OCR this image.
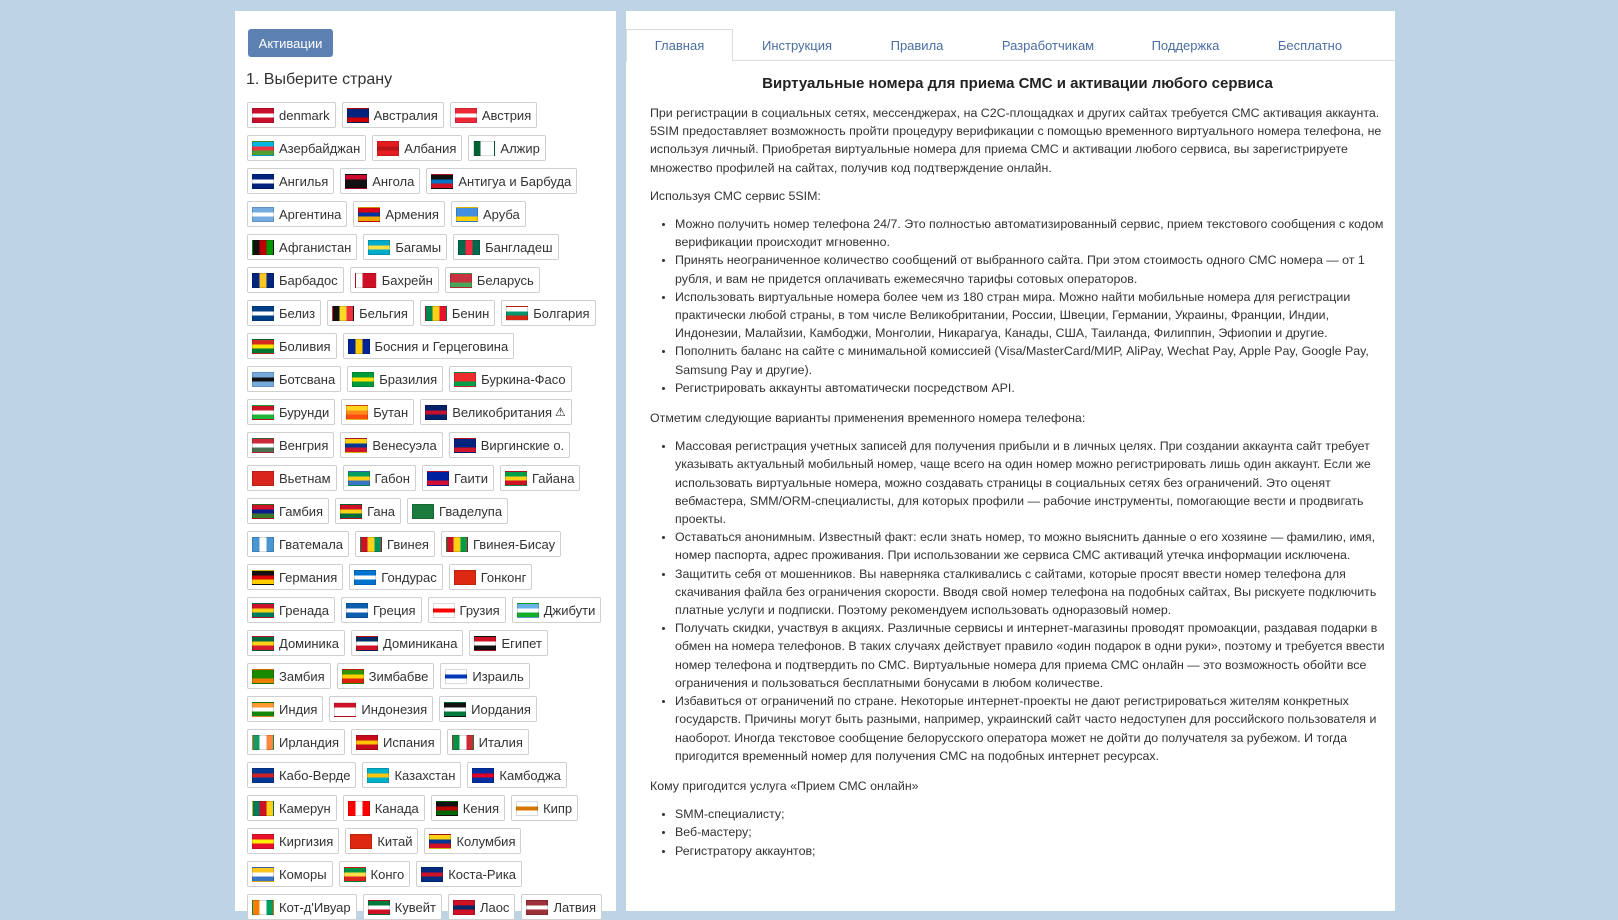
Активации
1. Выберите страну
denmark	Австралия	Австрия
Азербайджан	Албания	Алжир
Ангилья	Ангола	Антигуа и Барбуда
Аргентина	Армения	Аруба
Афганистан	Багамы	Бангладеш
Барбадос	Бахрейн	Беларусь
Белиз	Бельгия	Бенин	Болгария
Боливия	Босния и Герцеговина
Ботсвана	Бразилия	Буркина-Фасо
Бурунди	Бутан	Великобритания ⚠
Венгрия	Венесуэла	Виргинские о.
Вьетнам	Габон	Гаити	Гайана
Гамбия	Гана	Гваделупа
Гватемала	Гвинея	Гвинея-Бисау
Германия	Гондурас	Гонконг
Гренада	Греция	Грузия	Джибути
Доминика	Доминикана	Египет
Замбия	Зимбабве	Израиль
Индия	Индонезия	Иордания
Ирландия	Испания	Италия
Кабо-Верде	Казахстан	Камбоджа
Камерун	Канада	Кения	Кипр
Киргизия	Китай	Колумбия
Коморы	Конго	Коста-Рика
Кот-д'Ивуар	Кувейт	Лаос	Латвия
Главная	Инструкция	Правила	Разработчикам	Поддержка	Бесплатно
Виртуальные номера для приема СМС и активации любого сервиса

При регистрации в социальных сетях, мессенджерах, на C2C-площадках и других сайтах требуется СМС активация аккаунта. 5SIM предоставляет возможность пройти процедуру верификации с помощью временного виртуального номера телефона, не используя личный. Приобретая виртуальные номера для приема СМС и активации любого сервиса, вы зарегистрируете множество профилей на сайтах, получив код подтверждение онлайн.

Используя СМС сервис 5SIM:

• Можно получить номер телефона 24/7. Это полностью автоматизированный сервис, прием текстового сообщения с кодом верификации происходит мгновенно.
• Принять неограниченное количество сообщений от выбранного сайта. При этом стоимость одного СМС номера — от 1 рубля, и вам не придется оплачивать ежемесячно тарифы сотовых операторов.
• Использовать виртуальные номера более чем из 180 стран мира. Можно найти мобильные номера для регистрации практически любой страны, в том числе Великобритании, России, Швеции, Германии, Украины, Франции, Индии, Индонезии, Малайзии, Камбоджи, Монголии, Никарагуа, Канады, США, Таиланда, Филиппин, Эфиопии и другие.
• Пополнить баланс на сайте с минимальной комиссией (Visa/MasterCard/МИР, AliPay, Wechat Pay, Apple Pay, Google Pay, Samsung Pay и другие).
• Регистрировать аккаунты автоматически посредством API.

Отметим следующие варианты применения временного номера телефона:

• Массовая регистрация учетных записей для получения прибыли и в личных целях. При создании аккаунта сайт требует указывать актуальный мобильный номер, чаще всего на один номер можно регистрировать лишь один аккаунт. Если же использовать виртуальные номера, можно создавать страницы в социальных сетях без ограничений. Это оценят вебмастера, SMM/ORM-специалисты, для которых профили — рабочие инструменты, помогающие вести и продвигать проекты.
• Оставаться анонимным. Известный факт: если знать номер, то можно выяснить данные о его хозяине — фамилию, имя, номер паспорта, адрес проживания. При использовании же сервиса СМС активаций утечка информации исключена.
• Защитить себя от мошенников. Вы наверняка сталкивались с сайтами, которые просят ввести номер телефона для скачивания файла без ограничения скорости. Вводя свой номер телефона на подобных сайтах, Вы рискуете подключить платные услуги и подписки. Поэтому рекомендуем использовать одноразовый номер.
• Получать скидки, участвуя в акциях. Различные сервисы и интернет-магазины проводят промоакции, раздавая подарки в обмен на номера телефонов. В таких случаях действует правило «один подарок в одни руки», поэтому и требуется ввести номер телефона и подтвердить по СМС. Виртуальные номера для приема СМС онлайн — это возможность обойти все ограничения и пользоваться бесплатными бонусами в любом количестве.
• Избавиться от ограничений по стране. Некоторые интернет-проекты не дают регистрироваться жителям конкретных государств. Причины могут быть разными, например, украинский сайт часто недоступен для российского пользователя и наоборот. Иногда текстовое сообщение белорусского оператора может не дойти до получателя за рубежом. И тогда пригодится временный номер для получения СМС на подобных интернет ресурсах.

Кому пригодится услуга «Прием СМС онлайн»

• SMM-специалисту;
• Веб-мастеру;
• Регистратору аккаунтов;
